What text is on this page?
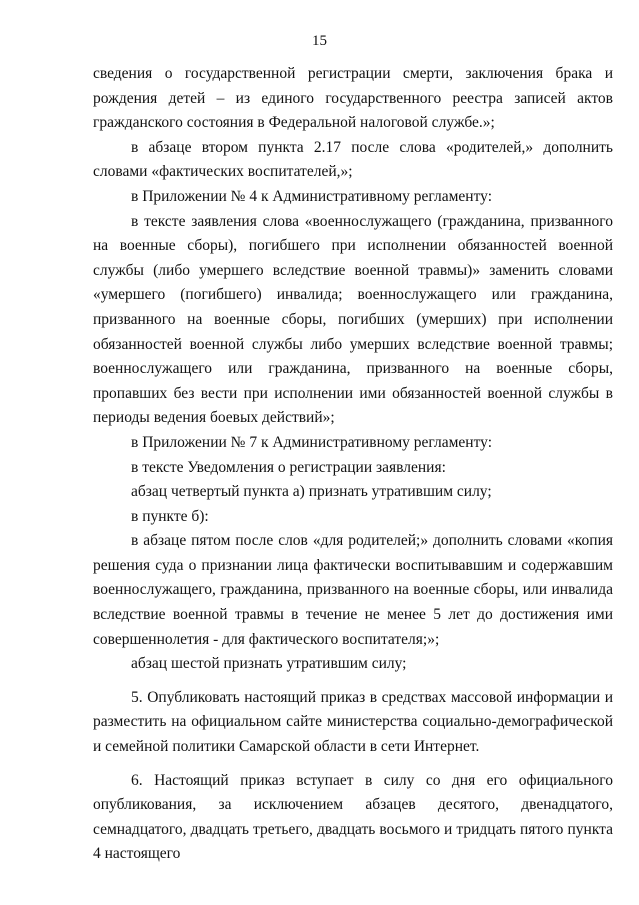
15

сведения о государственной регистрации смерти, заключения брака и рождения детей – из единого государственного реестра записей актов гражданского состояния в Федеральной налоговой службе.»;

в абзаце втором пункта 2.17 после слова «родителей,» дополнить словами «фактических воспитателей,»;

в Приложении № 4 к Административному регламенту:

в тексте заявления слова «военнослужащего (гражданина, призванного на военные сборы), погибшего при исполнении обязанностей военной службы (либо умершего вследствие военной травмы)» заменить словами «умершего (погибшего) инвалида; военнослужащего или гражданина, призванного на военные сборы, погибших (умерших) при исполнении обязанностей военной службы либо умерших вследствие военной травмы; военнослужащего или гражданина, призванного на военные сборы, пропавших без вести при исполнении ими обязанностей военной службы в периоды ведения боевых действий»;

в Приложении № 7 к Административному регламенту:

в тексте Уведомления о регистрации заявления:

абзац четвертый пункта а) признать утратившим силу;

в пункте б):

в абзаце пятом после слов «для родителей;» дополнить словами «копия решения суда о признании лица фактически воспитывавшим и содержавшим военнослужащего, гражданина, призванного на военные сборы, или инвалида вследствие военной травмы в течение не менее 5 лет до достижения ими совершеннолетия - для фактического воспитателя;»;

абзац шестой признать утратившим силу;

5. Опубликовать настоящий приказ в средствах массовой информации и разместить на официальном сайте министерства социально-демографической и семейной политики Самарской области в сети Интернет.

6. Настоящий приказ вступает в силу со дня его официального опубликования, за исключением абзацев десятого, двенадцатого, семнадцатого, двадцать третьего, двадцать восьмого и тридцать пятого пункта 4 настоящего
